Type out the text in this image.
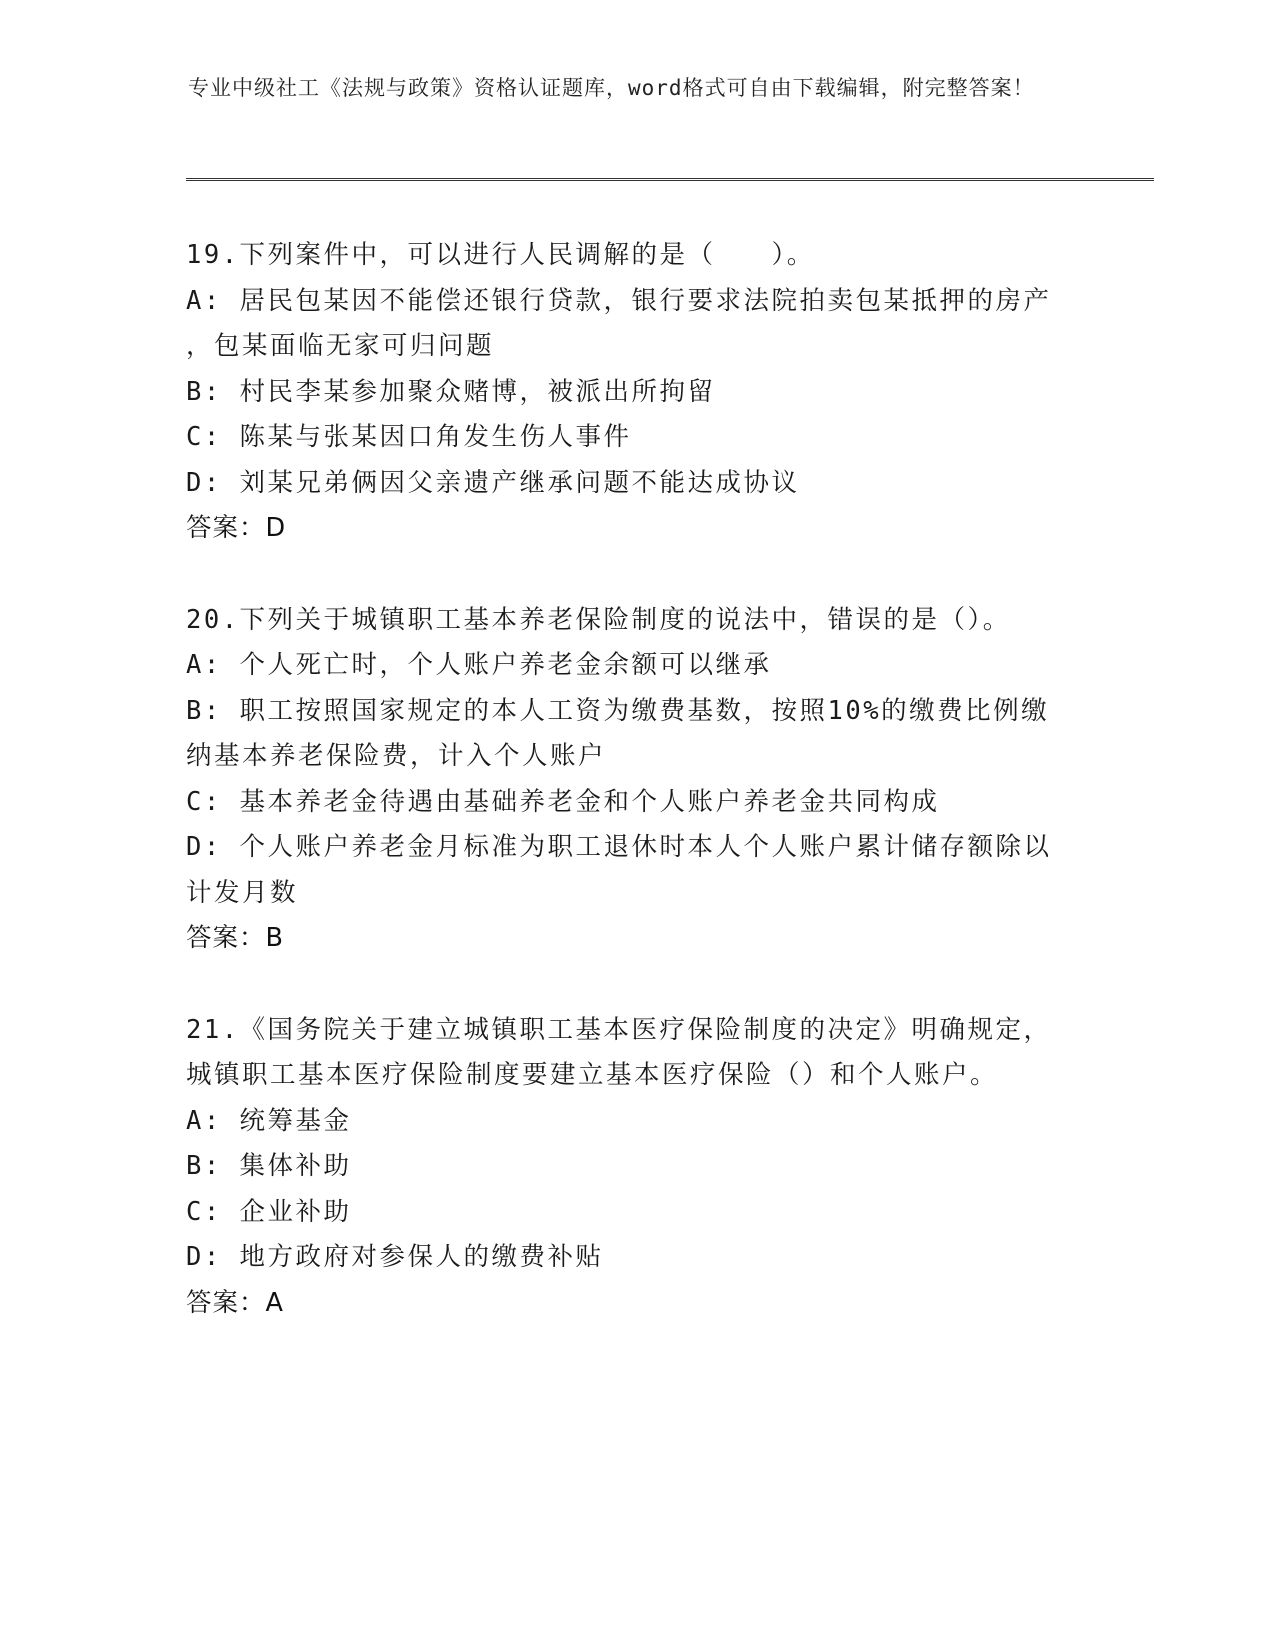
专业中级社工《法规与政策》资格认证题库，word格式可自由下载编辑，附完整答案！
19.下列案件中，可以进行人民调解的是（　　）。
A: 居民包某因不能偿还银行贷款，银行要求法院拍卖包某抵押的房产
，包某面临无家可归问题
B: 村民李某参加聚众赌博，被派出所拘留
C: 陈某与张某因口角发生伤人事件
D: 刘某兄弟俩因父亲遗产继承问题不能达成协议
答案：D
20.下列关于城镇职工基本养老保险制度的说法中，错误的是（）。
A: 个人死亡时，个人账户养老金余额可以继承
B: 职工按照国家规定的本人工资为缴费基数，按照10%的缴费比例缴
纳基本养老保险费，计入个人账户
C: 基本养老金待遇由基础养老金和个人账户养老金共同构成
D: 个人账户养老金月标准为职工退休时本人个人账户累计储存额除以
计发月数
答案：B
21.《国务院关于建立城镇职工基本医疗保险制度的决定》明确规定，
城镇职工基本医疗保险制度要建立基本医疗保险（）和个人账户。
A: 统筹基金
B: 集体补助
C: 企业补助
D: 地方政府对参保人的缴费补贴
答案：A
